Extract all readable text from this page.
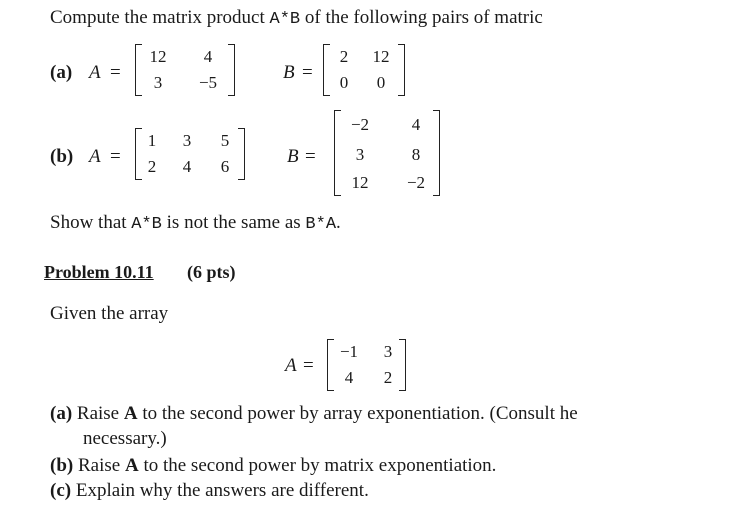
Compute the matrix product A*B of the following pairs of matric
(a) A =
12	4
3	−5	B =
2	12
0	0
(b) A =
1	3	5
2	4	6	B =
−2	4
3	8
12	−2
Show that A*B is not the same as B*A.
Problem 10.11 (6 pts)
Given the array
A =
−1	3
4	2
(a) Raise A to the second power by array exponentiation. (Consult he
necessary.)
(b) Raise A to the second power by matrix exponentiation.
(c) Explain why the answers are different.
